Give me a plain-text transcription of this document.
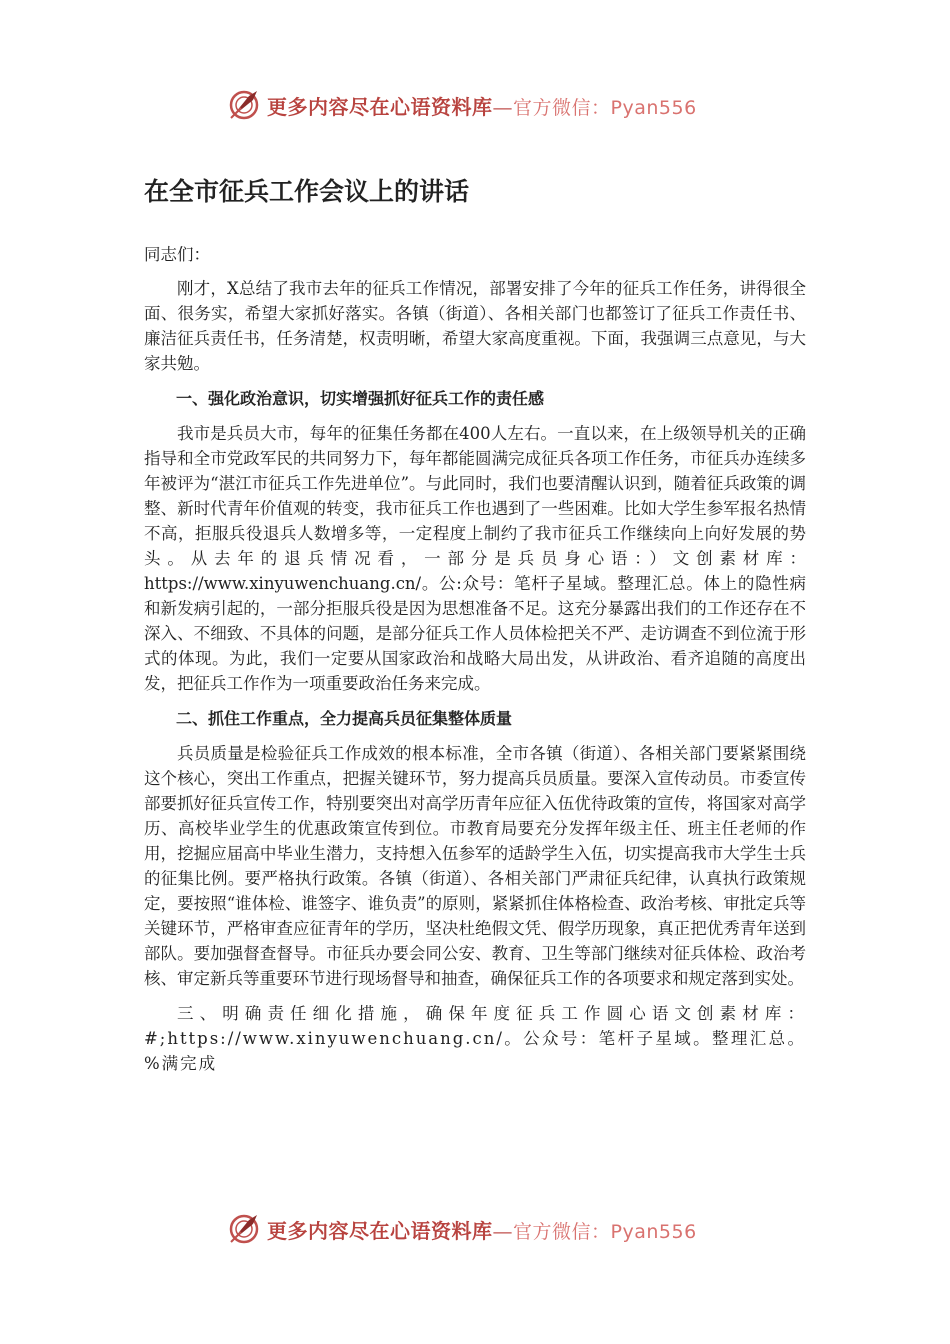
更多内容尽在心语资料库—官方微信：Pyan556
在全市征兵工作会议上的讲话

同志们：

刚才，X总结了我市去年的征兵工作情况，部署安排了今年的征兵工作任务，讲得很全面、很务实，希望大家抓好落实。各镇（街道）、各相关部门也都签订了征兵工作责任书、廉洁征兵责任书，任务清楚，权责明晰，希望大家高度重视。下面，我强调三点意见，与大家共勉。

一、强化政治意识，切实增强抓好征兵工作的责任感

我市是兵员大市，每年的征集任务都在400人左右。一直以来，在上级领导机关的正确指导和全市党政军民的共同努力下，每年都能圆满完成征兵各项工作任务，市征兵办连续多年被评为“湛江市征兵工作先进单位”。与此同时，我们也要清醒认识到，随着征兵政策的调整、新时代青年价值观的转变，我市征兵工作也遇到了一些困难。比如大学生参军报名热情不高，拒服兵役退兵人数增多等，一定程度上制约了我市征兵工作继续向上向好发展的势头。从去年的退兵情况看，一部分是兵员身心语：）文创素材库：https://www.xinyuwenchuang.cn/。公:众号：笔杆子星域。整理汇总。体上的隐性病和新发病引起的，一部分拒服兵役是因为思想准备不足。这充分暴露出我们的工作还存在不深入、不细致、不具体的问题，是部分征兵工作人员体检把关不严、走访调查不到位流于形式的体现。为此，我们一定要从国家政治和战略大局出发，从讲政治、看齐追随的高度出发，把征兵工作作为一项重要政治任务来完成。

二、抓住工作重点，全力提高兵员征集整体质量

兵员质量是检验征兵工作成效的根本标准，全市各镇（街道）、各相关部门要紧紧围绕这个核心，突出工作重点，把握关键环节，努力提高兵员质量。要深入宣传动员。市委宣传部要抓好征兵宣传工作，特别要突出对高学历青年应征入伍优待政策的宣传，将国家对高学历、高校毕业学生的优惠政策宣传到位。市教育局要充分发挥年级主任、班主任老师的作用，挖掘应届高中毕业生潜力，支持想入伍参军的适龄学生入伍，切实提高我市大学生士兵的征集比例。要严格执行政策。各镇（街道）、各相关部门严肃征兵纪律，认真执行政策规定，要按照“谁体检、谁签字、谁负责”的原则，紧紧抓住体格检查、政治考核、审批定兵等关键环节，严格审查应征青年的学历，坚决杜绝假文凭、假学历现象，真正把优秀青年送到部队。要加强督查督导。市征兵办要会同公安、教育、卫生等部门继续对征兵体检、政治考核、审定新兵等重要环节进行现场督导和抽查，确保征兵工作的各项要求和规定落到实处。

三、明确责任细化措施，确保年度征兵工作圆心语文创素材库：#;https://www.xinyuwenchuang.cn/。公众号：笔杆子星域。整理汇总。%满完成

更多内容尽在心语资料库—官方微信：Pyan556
